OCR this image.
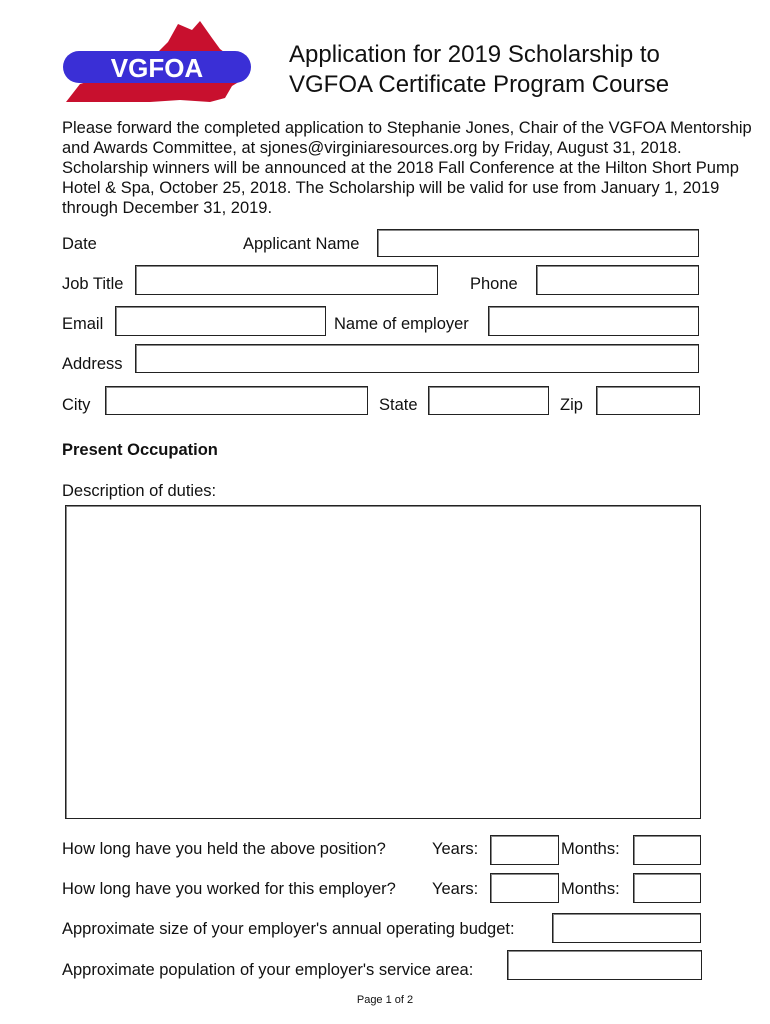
VGFOA	Application for 2019 Scholarship to
VGFOA Certificate Program Course
Please forward the completed application to Stephanie Jones, Chair of the VGFOA Mentorship and Awards Committee, at sjones@virginiaresources.org by Friday, August 31, 2018. Scholarship winners will be announced at the 2018 Fall Conference at the Hilton Short Pump Hotel & Spa, October 25, 2018. The Scholarship will be valid for use from January 1, 2019 through December 31, 2019.
Date	Applicant Name
Job Title	Phone
Email	Name of employer
Address
City	State	Zip
Present Occupation
Description of duties:
How long have you held the above position?	Years:	Months:
How long have you worked for this employer? Years:	Months:
Approximate size of your employer's annual operating budget:
Approximate population of your employer's service area:
Page 1 of 2
